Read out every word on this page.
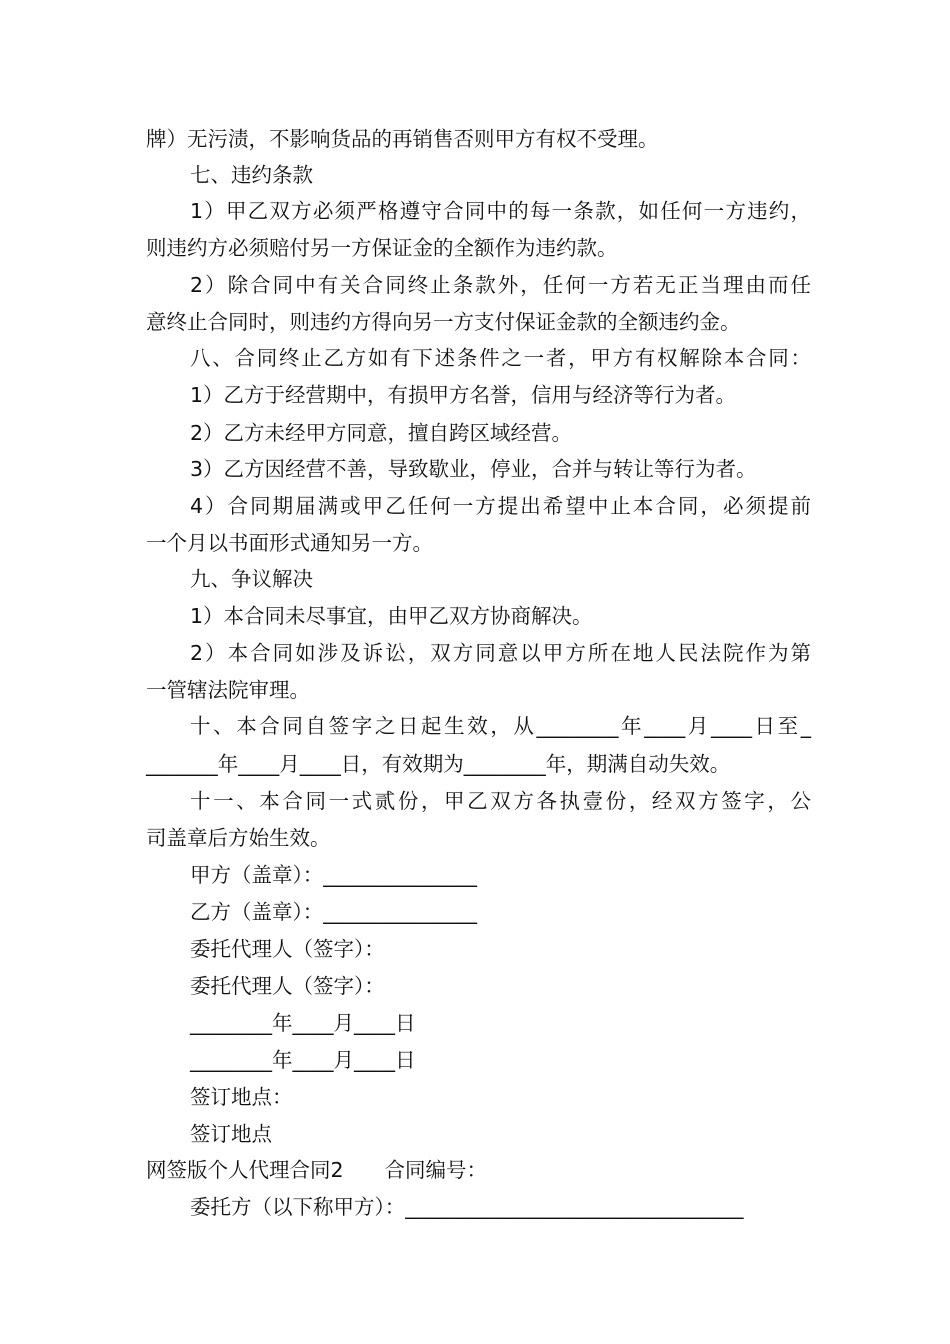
牌）无污渍，不影响货品的再销售否则甲方有权不受理。
七、违约条款
1）甲乙双方必须严格遵守合同中的每一条款，如任何一方违约，
则违约方必须赔付另一方保证金的全额作为违约款。
2）除合同中有关合同终止条款外，任何一方若无正当理由而任
意终止合同时，则违约方得向另一方支付保证金款的全额违约金。
八、合同终止乙方如有下述条件之一者，甲方有权解除本合同：
1）乙方于经营期中，有损甲方名誉，信用与经济等行为者。
2）乙方未经甲方同意，擅自跨区域经营。
3）乙方因经营不善，导致歇业，停业，合并与转让等行为者。
4）合同期届满或甲乙任何一方提出希望中止本合同，必须提前
一个月以书面形式通知另一方。
九、争议解决
1）本合同未尽事宜，由甲乙双方协商解决。
2）本合同如涉及诉讼，双方同意以甲方所在地人民法院作为第
一管辖法院审理。
十、本合同自签字之日起生效，从________年____月____日至_
_______年____月____日，有效期为________年，期满自动失效。
十一、本合同一式贰份，甲乙双方各执壹份，经双方签字，公
司盖章后方始生效。
甲方（盖章）：_______________
乙方（盖章）：_______________
委托代理人（签字）：
委托代理人（签字）：
________年____月____日
________年____月____日
签订地点：
签订地点
网签版个人代理合同2　　合同编号：
委托方（以下称甲方）：_________________________________
